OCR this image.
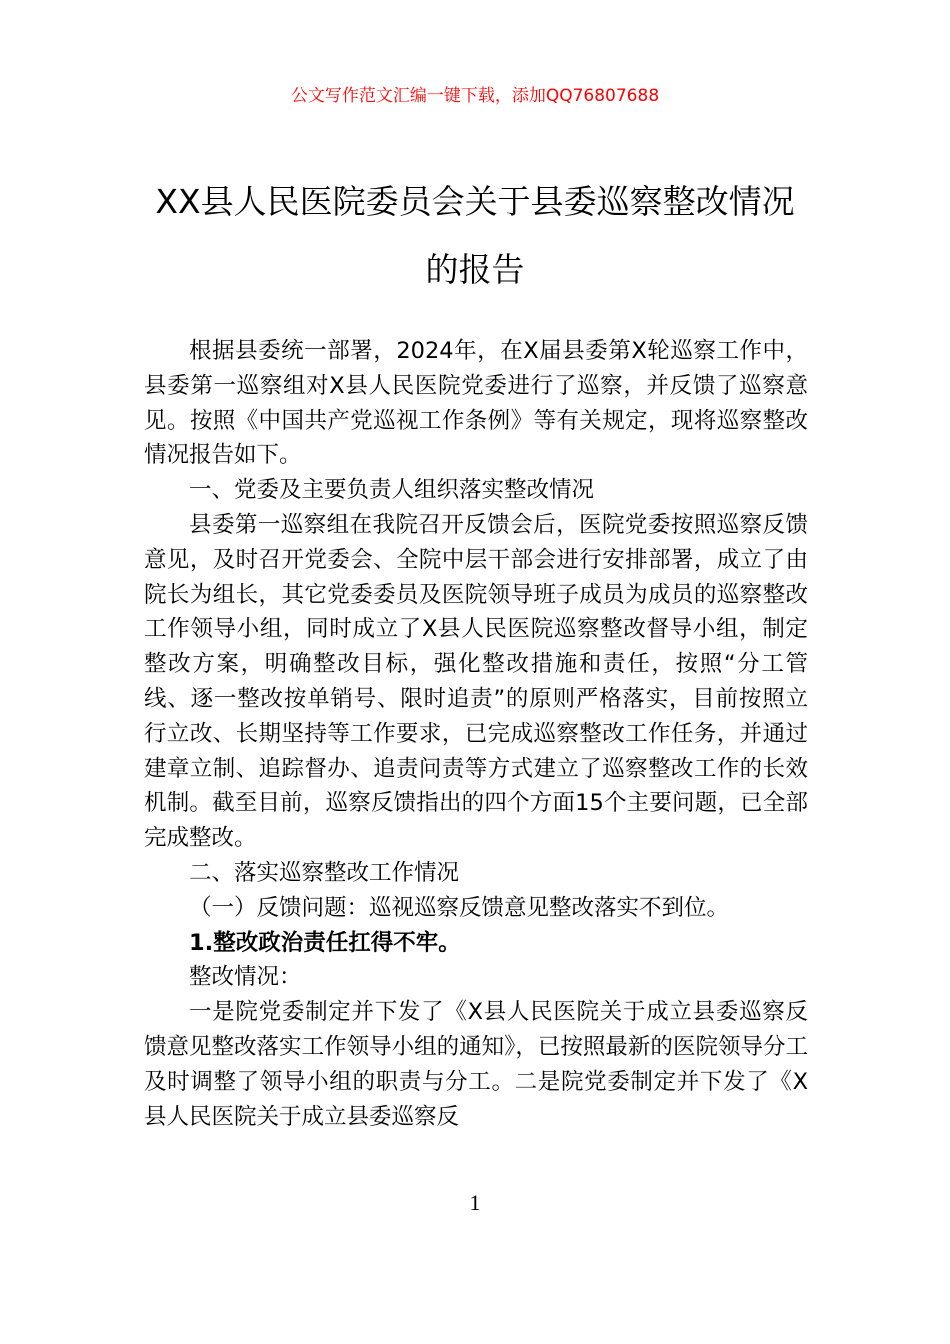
公文写作范文汇编一键下载，添加QQ76807688
XX县人民医院委员会关于县委巡察整改情况的报告

根据县委统一部署，2024年，在X届县委第X轮巡察工作中，县委第一巡察组对X县人民医院党委进行了巡察，并反馈了巡察意见。按照《中国共产党巡视工作条例》等有关规定，现将巡察整改情况报告如下。

一、党委及主要负责人组织落实整改情况

县委第一巡察组在我院召开反馈会后，医院党委按照巡察反馈意见，及时召开党委会、全院中层干部会进行安排部署，成立了由院长为组长，其它党委委员及医院领导班子成员为成员的巡察整改工作领导小组，同时成立了X县人民医院巡察整改督导小组，制定整改方案，明确整改目标，强化整改措施和责任，按照“分工管线、逐一整改按单销号、限时追责”的原则严格落实，目前按照立行立改、长期坚持等工作要求，已完成巡察整改工作任务，并通过建章立制、追踪督办、追责问责等方式建立了巡察整改工作的长效机制。截至目前，巡察反馈指出的四个方面15个主要问题，已全部完成整改。

二、落实巡察整改工作情况

（一）反馈问题：巡视巡察反馈意见整改落实不到位。

1.整改政治责任扛得不牢。

整改情况：

一是院党委制定并下发了《X县人民医院关于成立县委巡察反馈意见整改落实工作领导小组的通知》，已按照最新的医院领导分工及时调整了领导小组的职责与分工。二是院党委制定并下发了《X县人民医院关于成立县委巡察反

1
